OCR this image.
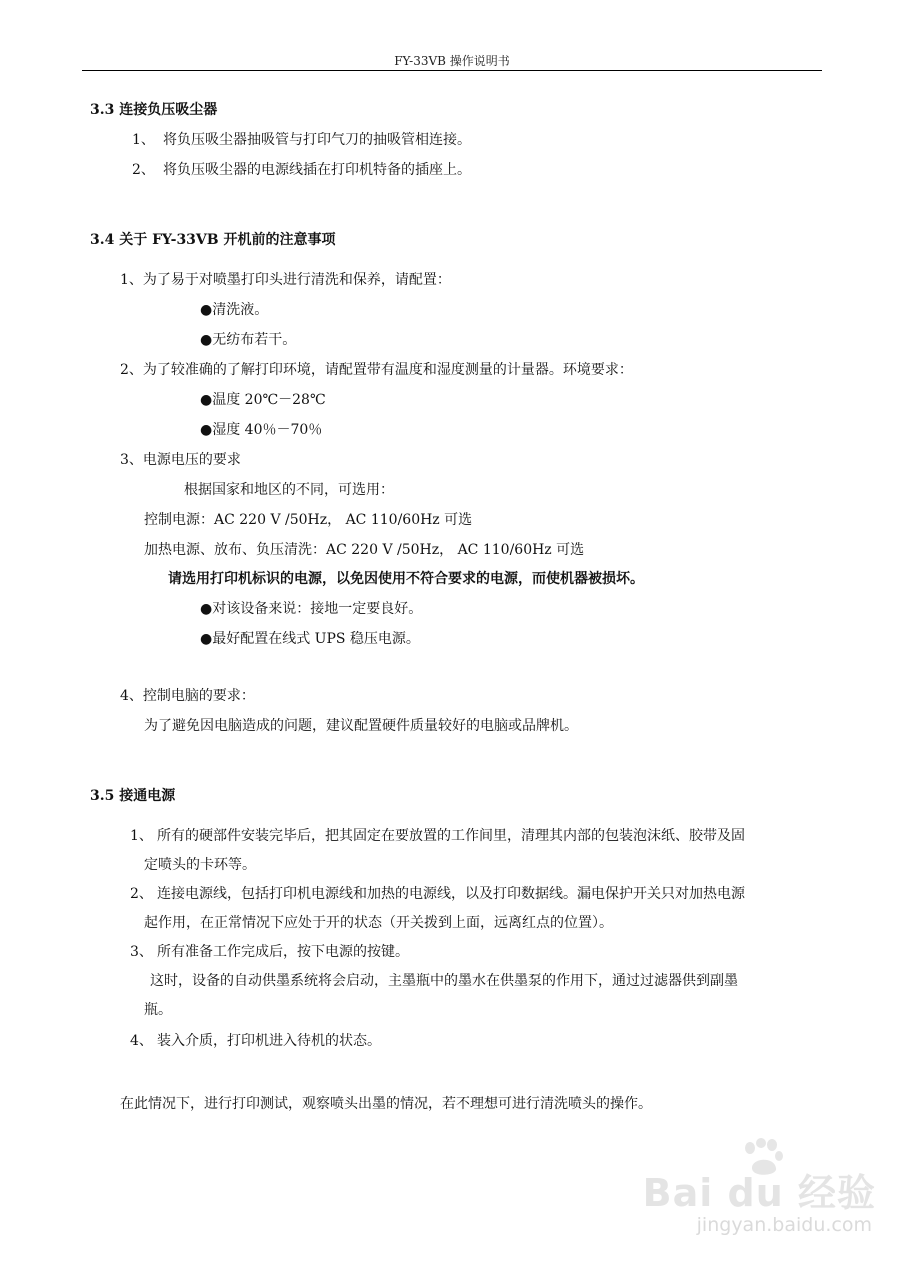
FY-33VB 操作说明书
3.3 连接负压吸尘器
1、 将负压吸尘器抽吸管与打印气刀的抽吸管相连接。
2、 将负压吸尘器的电源线插在打印机特备的插座上。
3.4 关于 FY-33VB 开机前的注意事项
1、为了易于对喷墨打印头进行清洗和保养，请配置：
●清洗液。
●无纺布若干。
2、为了较准确的了解打印环境，请配置带有温度和湿度测量的计量器。环境要求：
●温度 20℃－28℃
●湿度 40％－70％
3、电源电压的要求
根据国家和地区的不同，可选用：
控制电源：AC 220 V /50Hz， AC 110/60Hz 可选
加热电源、放布、负压清洗：AC 220 V /50Hz， AC 110/60Hz 可选
请选用打印机标识的电源，以免因使用不符合要求的电源，而使机器被损坏。
●对该设备来说：接地一定要良好。
●最好配置在线式 UPS 稳压电源。
4、控制电脑的要求：
为了避免因电脑造成的问题，建议配置硬件质量较好的电脑或品牌机。
3.5 接通电源
1、 所有的硬部件安装完毕后，把其固定在要放置的工作间里，清理其内部的包装泡沫纸、胶带及固
定喷头的卡环等。
2、 连接电源线，包括打印机电源线和加热的电源线，以及打印数据线。漏电保护开关只对加热电源
起作用，在正常情况下应处于开的状态（开关拨到上面，远离红点的位置）。
3、 所有准备工作完成后，按下电源的按键。
这时，设备的自动供墨系统将会启动，主墨瓶中的墨水在供墨泵的作用下，通过过滤器供到副墨
瓶。
4、 装入介质，打印机进入待机的状态。
在此情况下，进行打印测试，观察喷头出墨的情况，若不理想可进行清洗喷头的操作。
Bai du 经验
jingyan.baidu.com
